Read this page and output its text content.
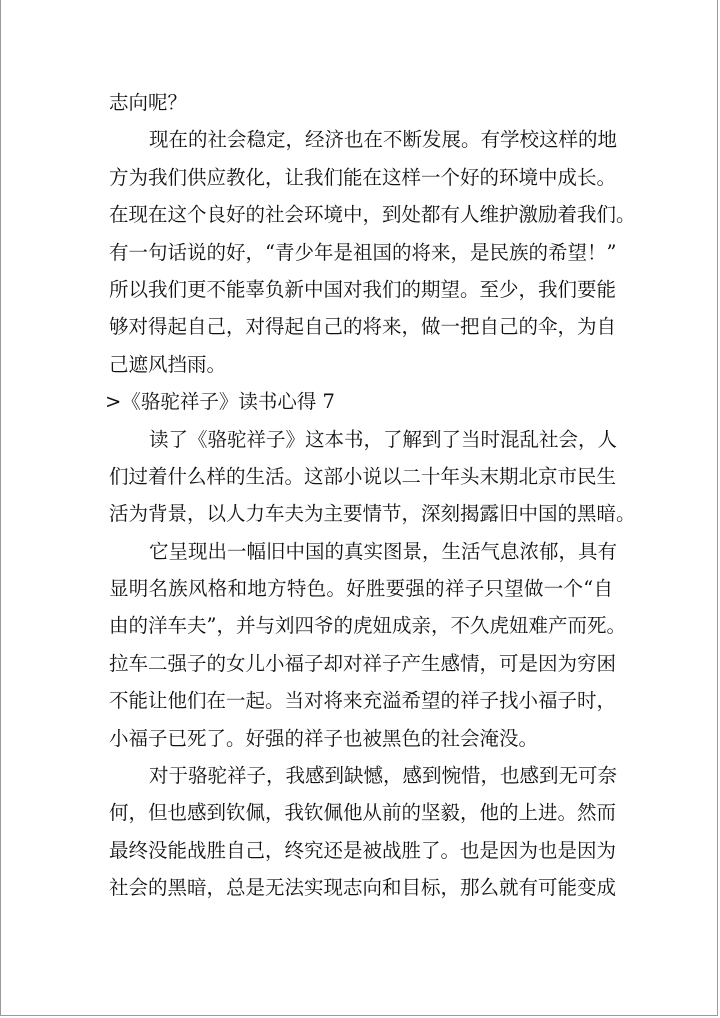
志向呢？
现在的社会稳定，经济也在不断发展。有学校这样的地
方为我们供应教化，让我们能在这样一个好的环境中成长。
在现在这个良好的社会环境中，到处都有人维护激励着我们。
有一句话说的好，“青少年是祖国的将来，是民族的希望！”
所以我们更不能辜负新中国对我们的期望。至少，我们要能
够对得起自己，对得起自己的将来，做一把自己的伞，为自
己遮风挡雨。
>《骆驼祥子》读书心得 7
读了《骆驼祥子》这本书，了解到了当时混乱社会，人
们过着什么样的生活。这部小说以二十年头末期北京市民生
活为背景，以人力车夫为主要情节，深刻揭露旧中国的黑暗。
它呈现出一幅旧中国的真实图景，生活气息浓郁，具有
显明名族风格和地方特色。好胜要强的祥子只望做一个“自
由的洋车夫”，并与刘四爷的虎妞成亲，不久虎妞难产而死。
拉车二强子的女儿小福子却对祥子产生感情，可是因为穷困
不能让他们在一起。当对将来充溢希望的祥子找小福子时，
小福子已死了。好强的祥子也被黑色的社会淹没。
对于骆驼祥子，我感到缺憾，感到惋惜，也感到无可奈
何，但也感到钦佩，我钦佩他从前的坚毅，他的上进。然而
最终没能战胜自己，终究还是被战胜了。也是因为也是因为
社会的黑暗，总是无法实现志向和目标，那么就有可能变成
